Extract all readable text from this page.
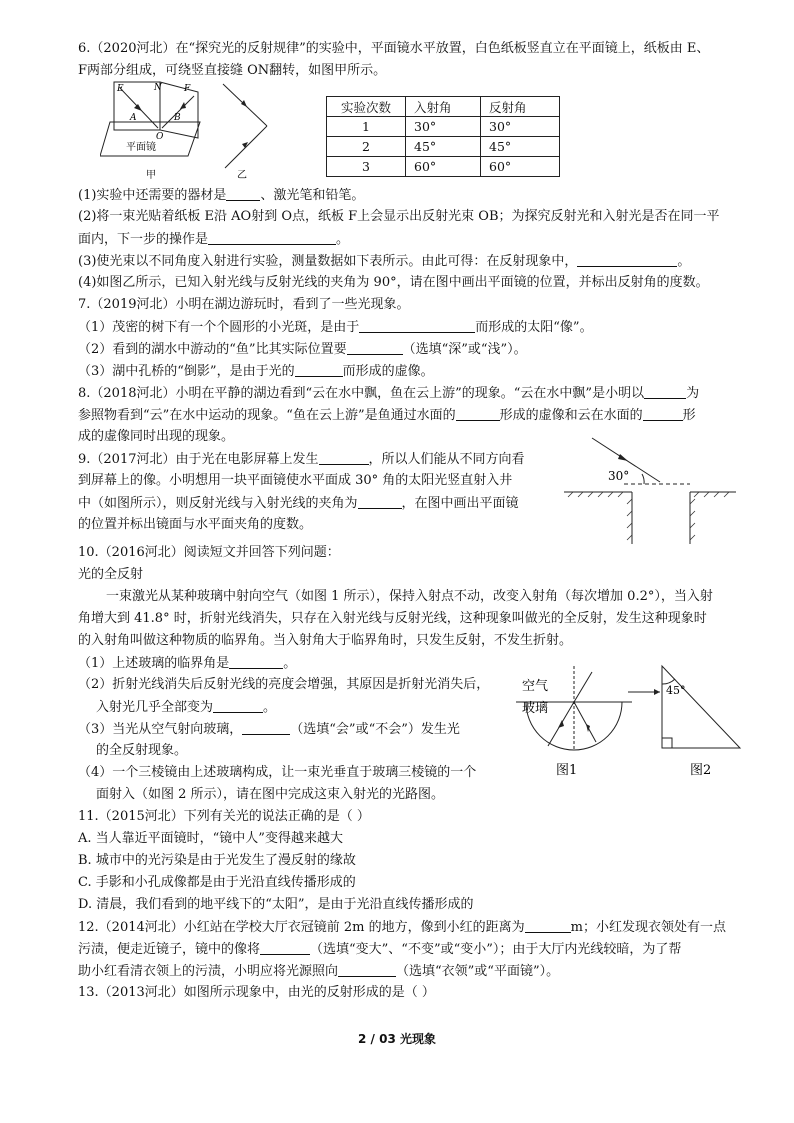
6.（2020河北）在“探究光的反射规律”的实验中，平面镜水平放置，白色纸板竖直立在平面镜上，纸板由 E、
F两部分组成，可绕竖直接缝 ON翻转，如图甲所示。
E	N F
A	B
O
平面镜
甲	乙
实验次数	入射角	反射角
1	30°	30°
2	45°	45°
3	60°	60°
(1)实验中还需要的器材是	、激光笔和铅笔。
(2)将一束光贴着纸板 E沿 AO射到 O点，纸板 F上会显示出反射光束 OB；为探究反射光和入射光是否在同一平
面内，下一步的操作是	。
(3)使光束以不同角度入射进行实验，测量数据如下表所示。由此可得：在反射现象中，	。
(4)如图乙所示，已知入射光线与反射光线的夹角为 90°，请在图中画出平面镜的位置，并标出反射角的度数。
7.（2019河北）小明在湖边游玩时，看到了一些光现象。
（1）茂密的树下有一个个圆形的小光斑，是由于	而形成的太阳“像”。
（2）看到的湖水中游动的“鱼”比其实际位置要	（选填“深”或“浅”）。
（3）湖中孔桥的“倒影”，是由于光的	而形成的虚像。
8.（2018河北）小明在平静的湖边看到“云在水中飘，鱼在云上游”的现象。“云在水中飘”是小明以	为
参照物看到“云”在水中运动的现象。“鱼在云上游”是鱼通过水面的	形成的虚像和云在水面的	形
成的虚像同时出现的现象。
9.（2017河北）由于光在电影屏幕上发生	，所以人们能从不同方向看
到屏幕上的像。小明想用一块平面镜使水平面成 30° 角的太阳光竖直射入井
中（如图所示），则反射光线与入射光线的夹角为	，在图中画出平面镜
的位置并标出镜面与水平面夹角的度数。
30°
10.（2016河北）阅读短文并回答下列问题：
光的全反射
一束激光从某种玻璃中射向空气（如图 1 所示），保持入射点不动，改变入射角（每次增加 0.2°），当入射
角增大到 41.8° 时，折射光线消失，只存在入射光线与反射光线，这种现象叫做光的全反射，发生这种现象时
的入射角叫做这种物质的临界角。当入射角大于临界角时，只发生反射，不发生折射。
（1）上述玻璃的临界角是	。
（2）折射光线消失后反射光线的亮度会增强，其原因是折射光消失后，
入射光几乎全部变为	。
（3）当光从空气射向玻璃，	（选填“会”或“不会”）发生光
的全反射现象。
（4）一个三棱镜由上述玻璃构成，让一束光垂直于玻璃三棱镜的一个
面射入（如图 2 所示），请在图中完成这束入射光的光路图。
空气
玻璃
图1
45°
图2
11.（2015河北）下列有关光的说法正确的是（ ）
A. 当人靠近平面镜时，“镜中人”变得越来越大
B. 城市中的光污染是由于光发生了漫反射的缘故
C. 手影和小孔成像都是由于光沿直线传播形成的
D. 清晨，我们看到的地平线下的“太阳”，是由于光沿直线传播形成的
12.（2014河北）小红站在学校大厅衣冠镜前 2m 的地方，像到小红的距离为	m；小红发现衣领处有一点
污渍，便走近镜子，镜中的像将	（选填“变大”、“不变”或“变小”）；由于大厅内光线较暗，为了帮
助小红看清衣领上的污渍，小明应将光源照向	（选填“衣领”或“平面镜”）。
13.（2013河北）如图所示现象中，由光的反射形成的是（ ）
2 / 03 光现象
